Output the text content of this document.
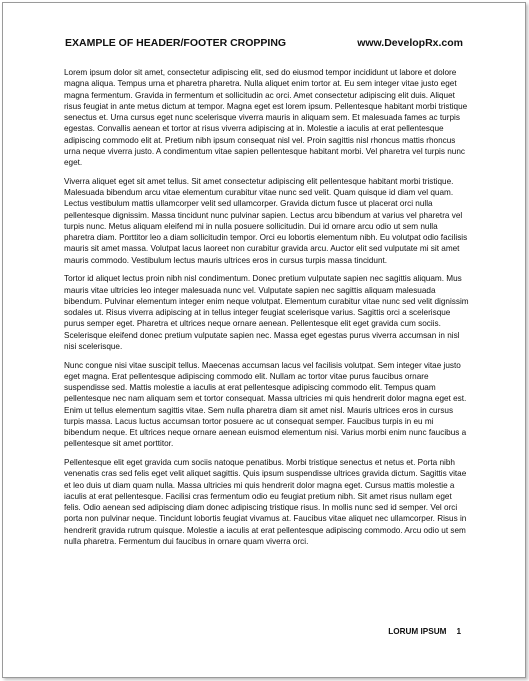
EXAMPLE OF HEADER/FOOTER CROPPING	www.DevelopRx.com

Lorem ipsum dolor sit amet, consectetur adipiscing elit, sed do eiusmod tempor incididunt ut labore et dolore magna aliqua. Tempus urna et pharetra pharetra. Nulla aliquet enim tortor at. Eu sem integer vitae justo eget magna fermentum. Gravida in fermentum et sollicitudin ac orci. Amet consectetur adipiscing elit duis. Aliquet risus feugiat in ante metus dictum at tempor. Magna eget est lorem ipsum. Pellentesque habitant morbi tristique senectus et. Urna cursus eget nunc scelerisque viverra mauris in aliquam sem. Et malesuada fames ac turpis egestas. Convallis aenean et tortor at risus viverra adipiscing at in. Molestie a iaculis at erat pellentesque adipiscing commodo elit at. Pretium nibh ipsum consequat nisl vel. Proin sagittis nisl rhoncus mattis rhoncus urna neque viverra justo. A condimentum vitae sapien pellentesque habitant morbi. Vel pharetra vel turpis nunc eget.

Viverra aliquet eget sit amet tellus. Sit amet consectetur adipiscing elit pellentesque habitant morbi tristique. Malesuada bibendum arcu vitae elementum curabitur vitae nunc sed velit. Quam quisque id diam vel quam. Lectus vestibulum mattis ullamcorper velit sed ullamcorper. Gravida dictum fusce ut placerat orci nulla pellentesque dignissim. Massa tincidunt nunc pulvinar sapien. Lectus arcu bibendum at varius vel pharetra vel turpis nunc. Metus aliquam eleifend mi in nulla posuere sollicitudin. Dui id ornare arcu odio ut sem nulla pharetra diam. Porttitor leo a diam sollicitudin tempor. Orci eu lobortis elementum nibh. Eu volutpat odio facilisis mauris sit amet massa. Volutpat lacus laoreet non curabitur gravida arcu. Auctor elit sed vulputate mi sit amet mauris commodo. Vestibulum lectus mauris ultrices eros in cursus turpis massa tincidunt.

Tortor id aliquet lectus proin nibh nisl condimentum. Donec pretium vulputate sapien nec sagittis aliquam. Mus mauris vitae ultricies leo integer malesuada nunc vel. Vulputate sapien nec sagittis aliquam malesuada bibendum. Pulvinar elementum integer enim neque volutpat. Elementum curabitur vitae nunc sed velit dignissim sodales ut. Risus viverra adipiscing at in tellus integer feugiat scelerisque varius. Sagittis orci a scelerisque purus semper eget. Pharetra et ultrices neque ornare aenean. Pellentesque elit eget gravida cum sociis. Scelerisque eleifend donec pretium vulputate sapien nec. Massa eget egestas purus viverra accumsan in nisl nisi scelerisque.

Nunc congue nisi vitae suscipit tellus. Maecenas accumsan lacus vel facilisis volutpat. Sem integer vitae justo eget magna. Erat pellentesque adipiscing commodo elit. Nullam ac tortor vitae purus faucibus ornare suspendisse sed. Mattis molestie a iaculis at erat pellentesque adipiscing commodo elit. Tempus quam pellentesque nec nam aliquam sem et tortor consequat. Massa ultricies mi quis hendrerit dolor magna eget est. Enim ut tellus elementum sagittis vitae. Sem nulla pharetra diam sit amet nisl. Mauris ultrices eros in cursus turpis massa. Lacus luctus accumsan tortor posuere ac ut consequat semper. Faucibus turpis in eu mi bibendum neque. Et ultrices neque ornare aenean euismod elementum nisi. Varius morbi enim nunc faucibus a pellentesque sit amet porttitor.

Pellentesque elit eget gravida cum sociis natoque penatibus. Morbi tristique senectus et netus et. Porta nibh venenatis cras sed felis eget velit aliquet sagittis. Quis ipsum suspendisse ultrices gravida dictum. Sagittis vitae et leo duis ut diam quam nulla. Massa ultricies mi quis hendrerit dolor magna eget. Cursus mattis molestie a iaculis at erat pellentesque. Facilisi cras fermentum odio eu feugiat pretium nibh. Sit amet risus nullam eget felis. Odio aenean sed adipiscing diam donec adipiscing tristique risus. In mollis nunc sed id semper. Vel orci porta non pulvinar neque. Tincidunt lobortis feugiat vivamus at. Faucibus vitae aliquet nec ullamcorper. Risus in hendrerit gravida rutrum quisque. Molestie a iaculis at erat pellentesque adipiscing commodo. Arcu odio ut sem nulla pharetra. Fermentum dui faucibus in ornare quam viverra orci.

LORUM IPSUM 1
